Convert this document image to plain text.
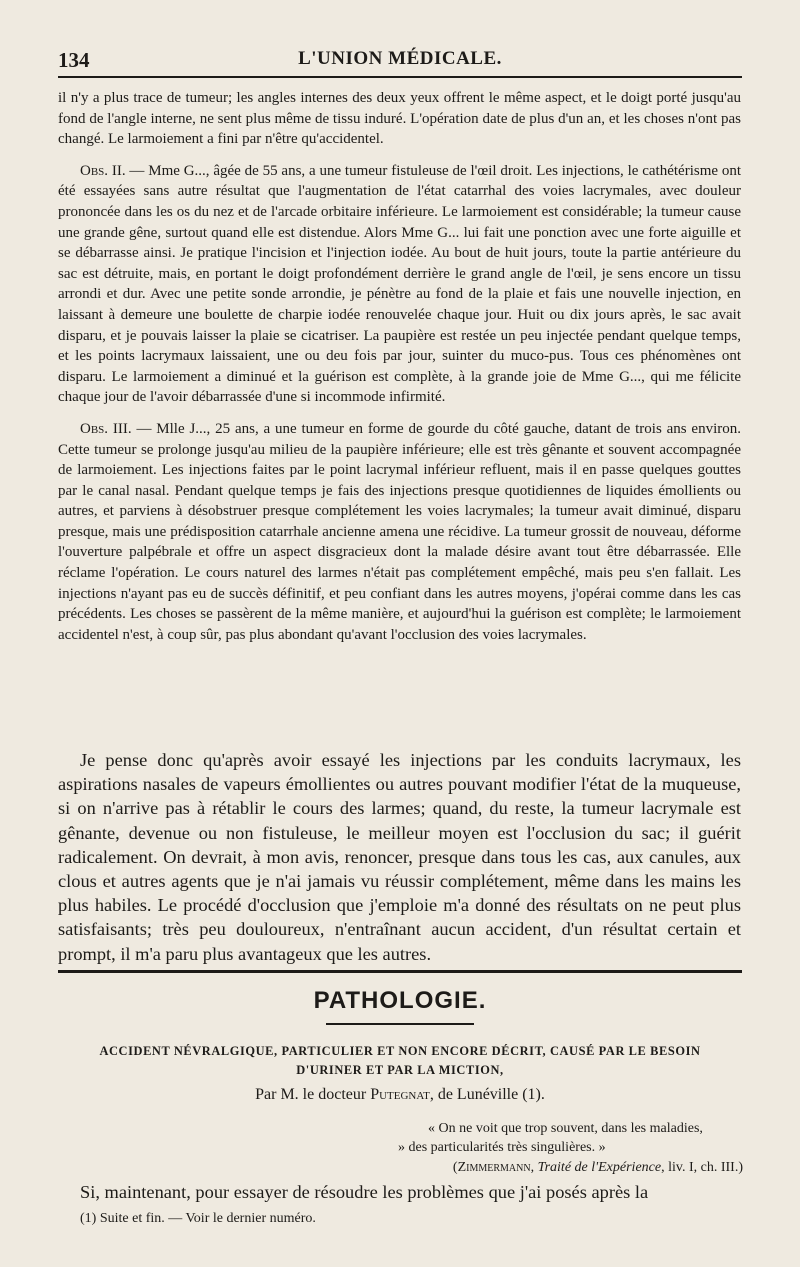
134	L'UNION MÉDICALE.

il n'y a plus trace de tumeur; les angles internes des deux yeux offrent le même aspect, et le doigt porté jusqu'au fond de l'angle interne, ne sent plus même de tissu induré. L'opération date de plus d'un an, et les choses n'ont pas changé. Le larmoiement a fini par n'être qu'accidentel.

Obs. II. — Mme G..., âgée de 55 ans, a une tumeur fistuleuse de l'œil droit. Les injections, le cathétérisme ont été essayées sans autre résultat que l'augmentation de l'état catarrhal des voies lacrymales, avec douleur prononcée dans les os du nez et de l'arcade orbitaire inférieure. Le larmoiement est considérable; la tumeur cause une grande gêne, surtout quand elle est distendue. Alors Mme G... lui fait une ponction avec une forte aiguille et se débarrasse ainsi. Je pratique l'incision et l'injection iodée. Au bout de huit jours, toute la partie antérieure du sac est détruite, mais, en portant le doigt profondément derrière le grand angle de l'œil, je sens encore un tissu arrondi et dur. Avec une petite sonde arrondie, je pénètre au fond de la plaie et fais une nouvelle injection, en laissant à demeure une boulette de charpie iodée renouvelée chaque jour. Huit ou dix jours après, le sac avait disparu, et je pouvais laisser la plaie se cicatriser. La paupière est restée un peu injectée pendant quelque temps, et les points lacrymaux laissaient, une ou deu fois par jour, suinter du muco-pus. Tous ces phénomènes ont disparu. Le larmoiement a diminué et la guérison est complète, à la grande joie de Mme G..., qui me félicite chaque jour de l'avoir débarrassée d'une si incommode infirmité.

Obs. III. — Mlle J..., 25 ans, a une tumeur en forme de gourde du côté gauche, datant de trois ans environ. Cette tumeur se prolonge jusqu'au milieu de la paupière inférieure; elle est très gênante et souvent accompagnée de larmoiement. Les injections faites par le point lacrymal inférieur refluent, mais il en passe quelques gouttes par le canal nasal. Pendant quelque temps je fais des injections presque quotidiennes de liquides émollients ou autres, et parviens à désobstruer presque complétement les voies lacrymales; la tumeur avait diminué, disparu presque, mais une prédisposition catarrhale ancienne amena une récidive. La tumeur grossit de nouveau, déforme l'ouverture palpébrale et offre un aspect disgracieux dont la malade désire avant tout être débarrassée. Elle réclame l'opération. Le cours naturel des larmes n'était pas complétement empêché, mais peu s'en fallait. Les injections n'ayant pas eu de succès définitif, et peu confiant dans les autres moyens, j'opérai comme dans les cas précédents. Les choses se passèrent de la même manière, et aujourd'hui la guérison est complète; le larmoiement accidentel n'est, à coup sûr, pas plus abondant qu'avant l'occlusion des voies lacrymales.

Je pense donc qu'après avoir essayé les injections par les conduits lacrymaux, les aspirations nasales de vapeurs émollientes ou autres pouvant modifier l'état de la muqueuse, si on n'arrive pas à rétablir le cours des larmes; quand, du reste, la tumeur lacrymale est gênante, devenue ou non fistuleuse, le meilleur moyen est l'occlusion du sac; il guérit radicalement. On devrait, à mon avis, renoncer, presque dans tous les cas, aux canules, aux clous et autres agents que je n'ai jamais vu réussir complétement, même dans les mains les plus habiles. Le procédé d'occlusion que j'emploie m'a donné des résultats on ne peut plus satisfaisants; très peu douloureux, n'entraînant aucun accident, d'un résultat certain et prompt, il m'a paru plus avantageux que les autres.

PATHOLOGIE.
ACCIDENT NÉVRALGIQUE, PARTICULIER ET NON ENCORE DÉCRIT, CAUSÉ PAR LE BESOIN
D'URINER ET PAR LA MICTION,
Par M. le docteur Putegnat, de Lunéville (1).
« On ne voit que trop souvent, dans les maladies,
» des particularités très singulières. »
(Zimmermann, Traité de l'Expérience, liv. I, ch. III.)
Si, maintenant, pour essayer de résoudre les problèmes que j'ai posés après la
(1) Suite et fin. — Voir le dernier numéro.
